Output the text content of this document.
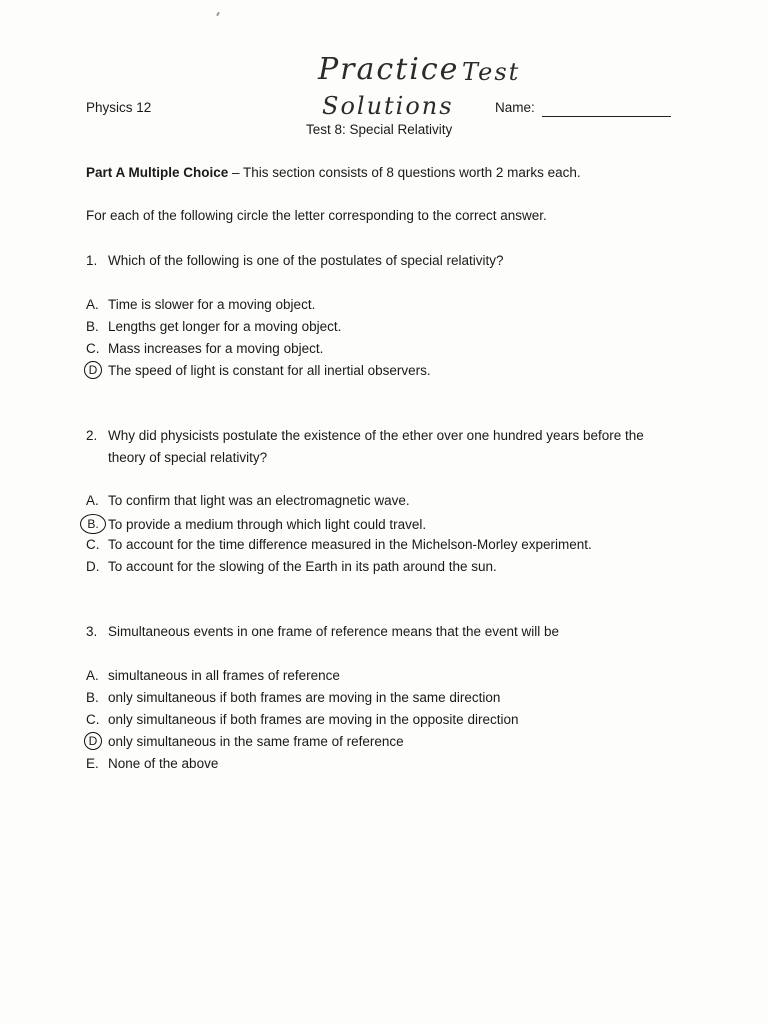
Physics 12
Practice Test
Solutions	Name:
Test 8: Special Relativity
Part A Multiple Choice – This section consists of 8 questions worth 2 marks each.
For each of the following circle the letter corresponding to the correct answer.
1. Which of the following is one of the postulates of special relativity?
A. Time is slower for a moving object.
B. Lengths get longer for a moving object.
C. Mass increases for a moving object.
D The speed of light is constant for all inertial observers.
2. Why did physicists postulate the existence of the ether over one hundred years before the
theory of special relativity?
A. To confirm that light was an electromagnetic wave.
B. To provide a medium through which light could travel.
C. To account for the time difference measured in the Michelson-Morley experiment.
D. To account for the slowing of the Earth in its path around the sun.
3. Simultaneous events in one frame of reference means that the event will be
A. simultaneous in all frames of reference
B. only simultaneous if both frames are moving in the same direction
C. only simultaneous if both frames are moving in the opposite direction
D only simultaneous in the same frame of reference
E. None of the above
